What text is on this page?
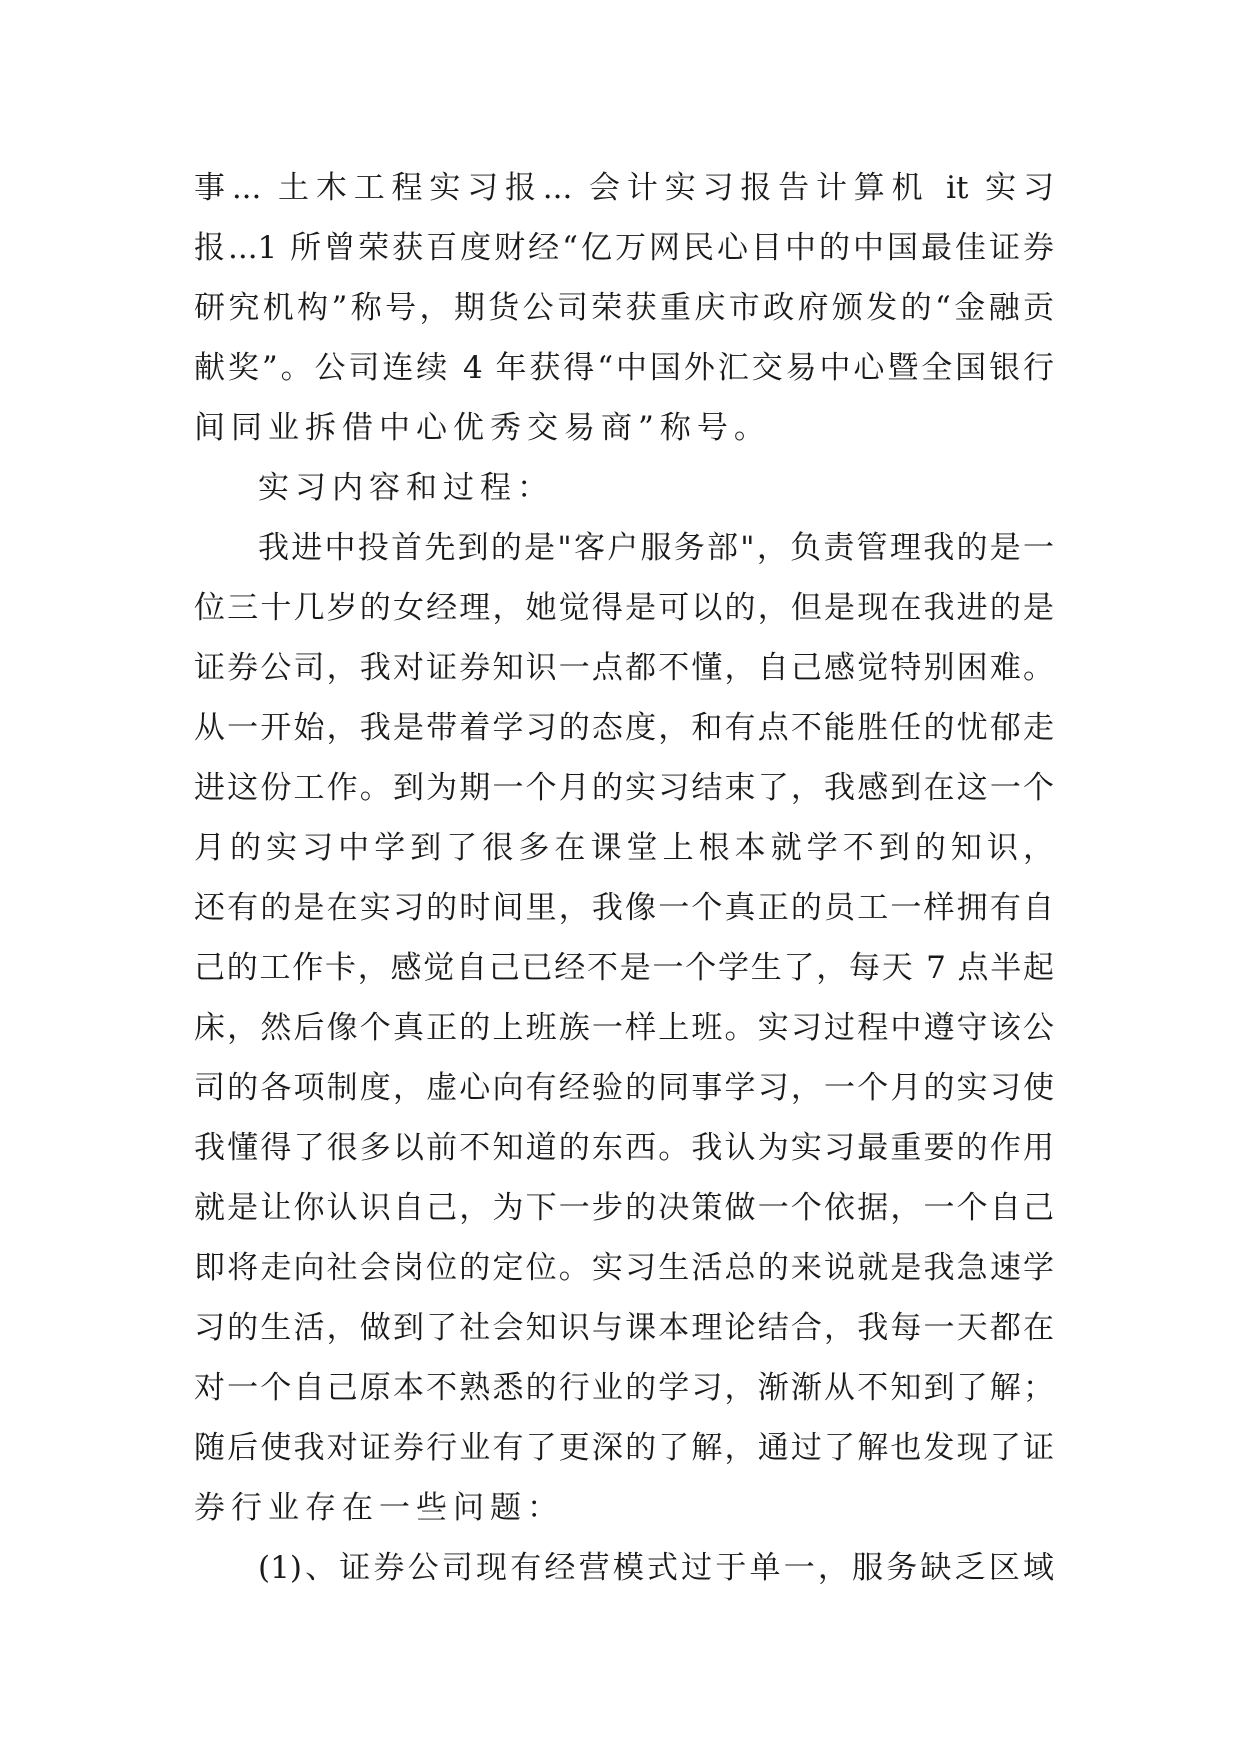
事... 土木工程实习报... 会计实习报告计算机 it 实习
报...1 所曾荣获百度财经“亿万网民心目中的中国最佳证券
研究机构”称号，期货公司荣获重庆市政府颁发的“金融贡
献奖”。公司连续 4 年获得“中国外汇交易中心暨全国银行
间同业拆借中心优秀交易商”称号。
实习内容和过程：
我进中投首先到的是"客户服务部"，负责管理我的是一
位三十几岁的女经理，她觉得是可以的，但是现在我进的是
证券公司，我对证券知识一点都不懂，自己感觉特别困难。
从一开始，我是带着学习的态度，和有点不能胜任的忧郁走
进这份工作。到为期一个月的实习结束了，我感到在这一个
月的实习中学到了很多在课堂上根本就学不到的知识，
还有的是在实习的时间里，我像一个真正的员工一样拥有自
己的工作卡，感觉自己已经不是一个学生了，每天 7 点半起
床，然后像个真正的上班族一样上班。实习过程中遵守该公
司的各项制度，虚心向有经验的同事学习，一个月的实习使
我懂得了很多以前不知道的东西。我认为实习最重要的作用
就是让你认识自己，为下一步的决策做一个依据，一个自己
即将走向社会岗位的定位。实习生活总的来说就是我急速学
习的生活，做到了社会知识与课本理论结合，我每一天都在
对一个自己原本不熟悉的行业的学习，渐渐从不知到了解；
随后使我对证券行业有了更深的了解，通过了解也发现了证
券行业存在一些问题：
(1)、证券公司现有经营模式过于单一，服务缺乏区域
